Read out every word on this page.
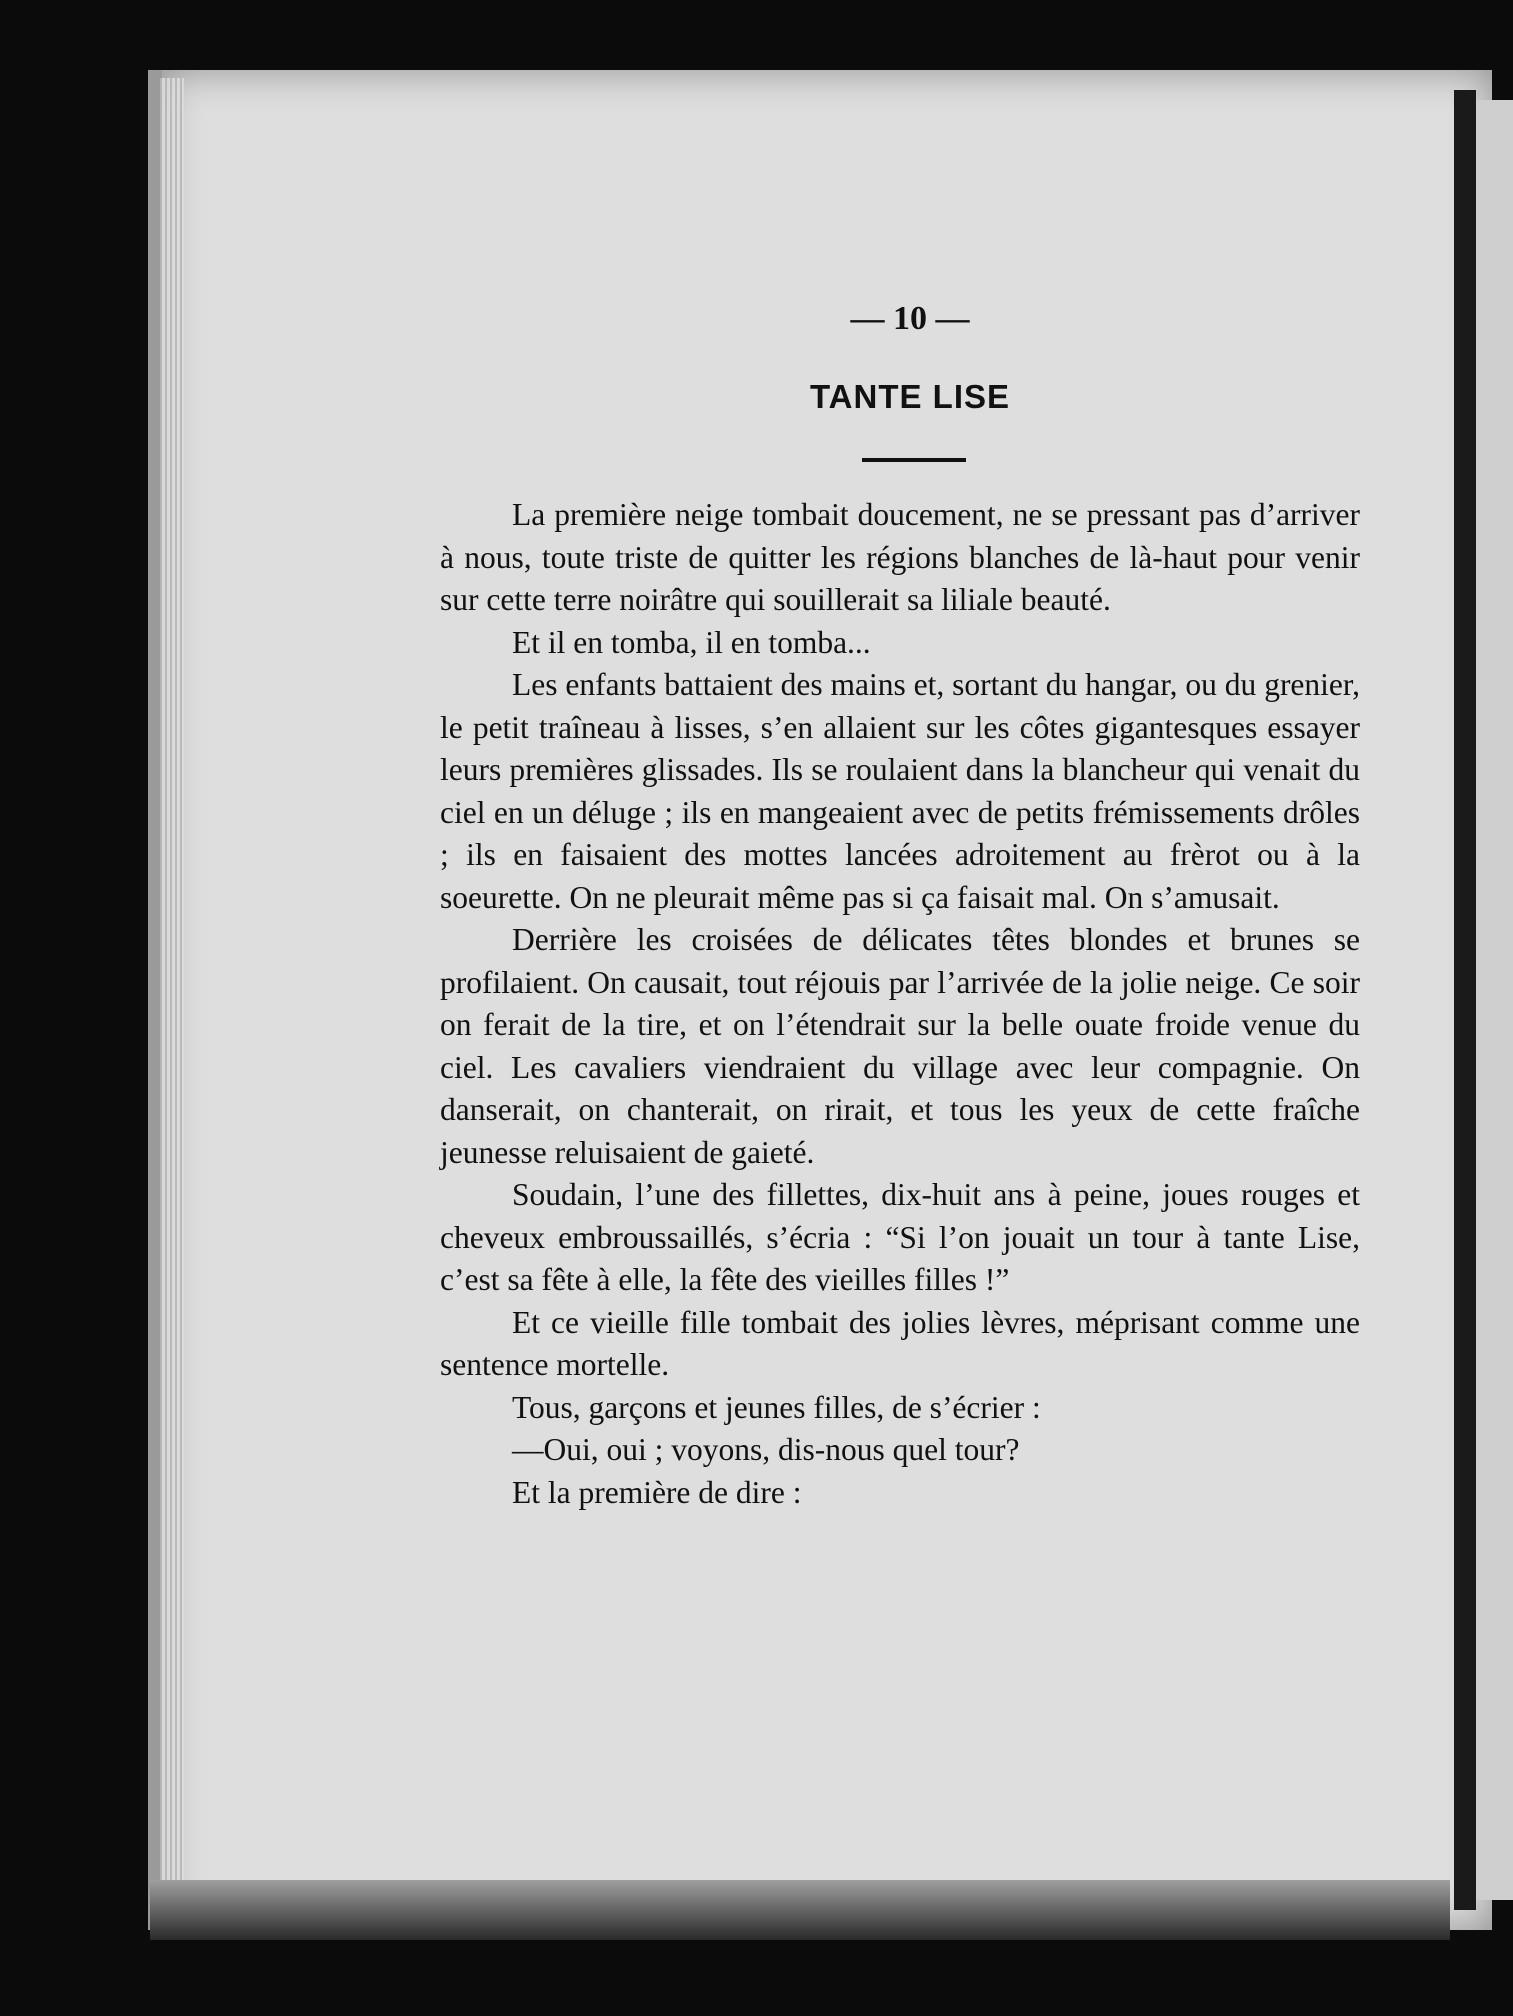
— 10 —
TANTE LISE

La première neige tombait doucement, ne se pressant pas d’arriver à nous, toute triste de quitter les régions blanches de là-haut pour venir sur cette terre noirâtre qui souillerait sa liliale beauté.

Et il en tomba, il en tomba...

Les enfants battaient des mains et, sortant du hangar, ou du grenier, le petit traîneau à lisses, s’en allaient sur les côtes gigantesques essayer leurs premières glissades. Ils se roulaient dans la blancheur qui venait du ciel en un déluge ; ils en mangeaient avec de petits frémissements drôles ; ils en faisaient des mottes lancées adroitement au frèrot ou à la soeurette. On ne pleurait même pas si ça faisait mal. On s’amusait.

Derrière les croisées de délicates têtes blondes et brunes se profilaient. On causait, tout réjouis par l’arrivée de la jolie neige. Ce soir on ferait de la tire, et on l’étendrait sur la belle ouate froide venue du ciel. Les cavaliers viendraient du village avec leur compagnie. On danserait, on chanterait, on rirait, et tous les yeux de cette fraîche jeunesse reluisaient de gaieté.

Soudain, l’une des fillettes, dix-huit ans à peine, joues rouges et cheveux embroussaillés, s’écria : “Si l’on jouait un tour à tante Lise, c’est sa fête à elle, la fête des vieilles filles !”

Et ce vieille fille tombait des jolies lèvres, méprisant comme une sentence mortelle.

Tous, garçons et jeunes filles, de s’écrier :

—Oui, oui ; voyons, dis-nous quel tour?

Et la première de dire :
